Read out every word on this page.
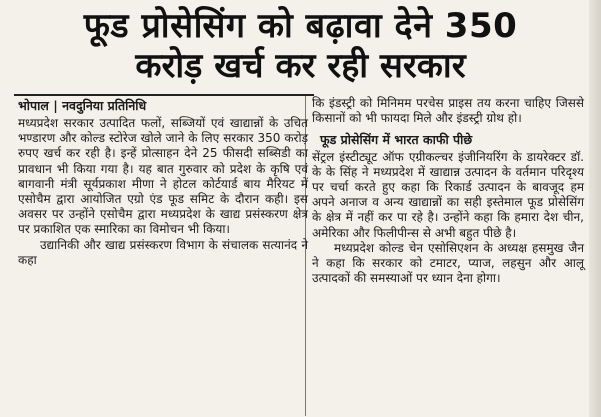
फूड प्रोसेसिंग को बढ़ावा देने 350
करोड़ खर्च कर रही सरकार
भोपाल | नवदुनिया प्रतिनिधि

मध्यप्रदेश सरकार उत्पादित फलों, सब्जियों एवं खाद्यान्नों के उचित भण्डारण और कोल्ड स्टोरेज खोले जाने के लिए सरकार 350 करोड़ रुपए खर्च कर रही है। इन्हें प्रोत्साहन देने 25 फीसदी सब्सिडी का प्रावधान भी किया गया है। यह बात गुरुवार को प्रदेश के कृषि एवं बागवानी मंत्री सूर्यप्रकाश मीणा ने होटल कोर्टयार्ड बाय मैरियट में एसोचैम द्वारा आयोजित एग्रो एंड फूड समिट के दौरान कही। इस अवसर पर उन्होंने एसोचैम द्वारा मध्यप्रदेश के खाद्य प्रसंस्करण क्षेत्र पर प्रकाशित एक स्मारिका का विमोचन भी किया।

उद्यानिकी और खाद्य प्रसंस्करण विभाग के संचालक सत्यानंद ने कहा

कि इंडस्ट्री को मिनिमम परचेस प्राइस तय करना चाहिए जिससे किसानों को भी फायदा मिले और इंडस्ट्री ग्रोथ हो।

फूड प्रोसेसिंग में भारत काफी पीछे

सेंट्रल इंस्टीट्यूट ऑफ एग्रीकल्चर इंजीनियरिंग के डायरेक्टर डॉ. के के सिंह ने मध्यप्रदेश में खाद्यान्न उत्पादन के वर्तमान परिदृश्य पर चर्चा करते हुए कहा कि रिकार्ड उत्पादन के बावजूद हम अपने अनाज व अन्य खाद्यान्नों का सही इस्तेमाल फूड प्रोसेसिंग के क्षेत्र में नहीं कर पा रहे है। उन्होंने कहा कि हमारा देश चीन, अमेरिका और फिलीपीन्स से अभी बहुत पीछे है।

मध्यप्रदेश कोल्ड चेन एसोसिएशन के अध्यक्ष हसमुख जैन ने कहा कि सरकार को टमाटर, प्याज, लहसुन और आलू उत्पादकों की समस्याओं पर ध्यान देना होगा।
